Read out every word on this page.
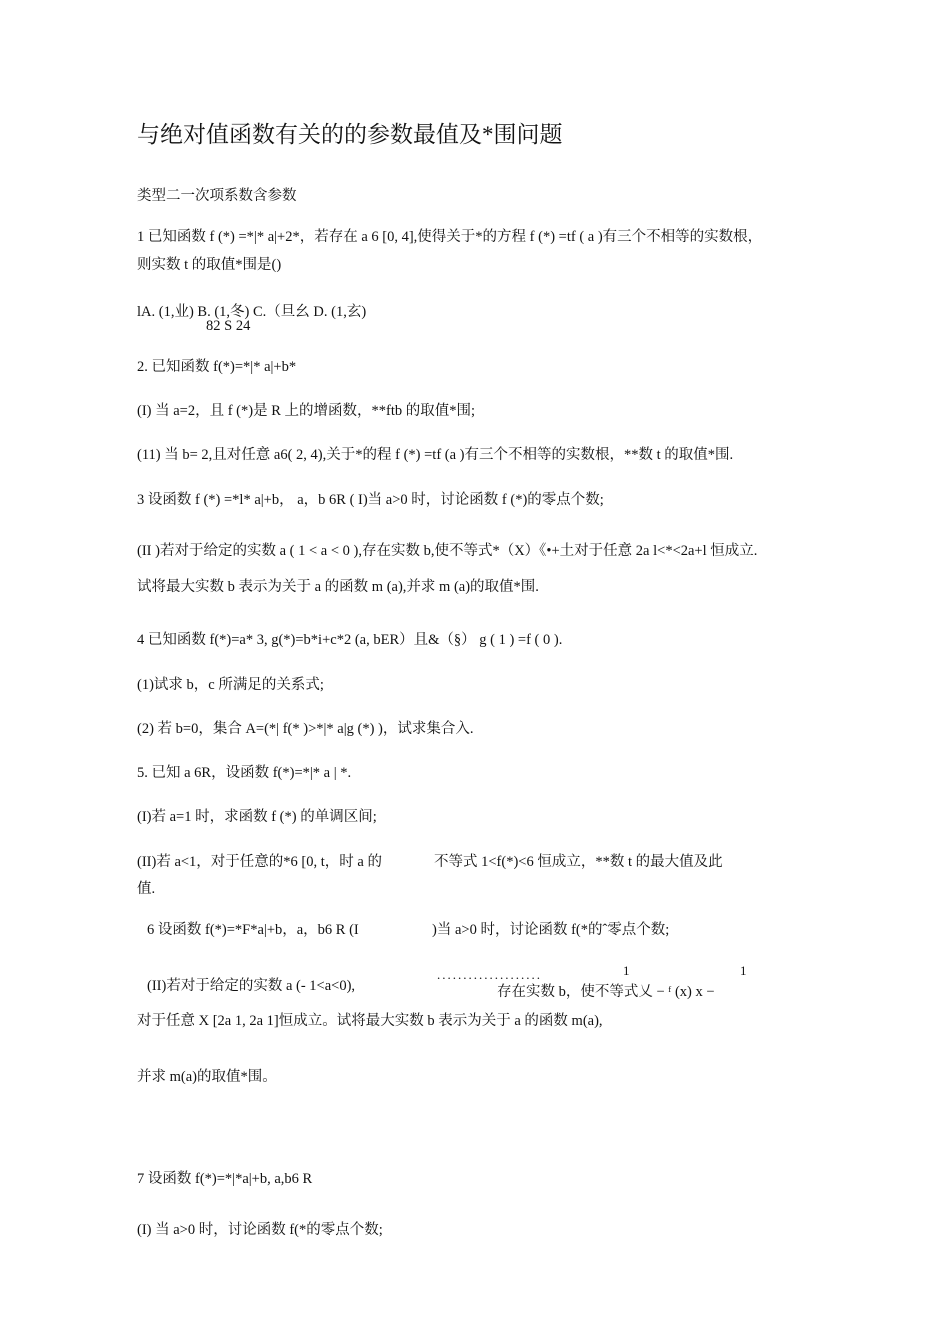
与绝对值函数有关的的参数最值及*围问题
类型二一次项系数含参数
1 已知函数 f (*) =*|* a|+2*，若存在 a 6 [0, 4],使得关于*的方程 f (*) =tf ( a )有三个不相等的实数根，
则实数 t 的取值*围是()
lA. (1,业) B. (1,冬) C.（旦幺 D. (1,玄)
82 S 24
2. 已知函数 f(*)=*|* a|+b*
(I) 当 a=2，且 f (*)是 R 上的增函数，**ftb 的取值*围;
(11) 当 b= 2,且对任意 a6( 2, 4),关于*的程 f (*) =tf (a )有三个不相等的实数根，**数 t 的取值*围.
3 设函数 f (*) =*l* a|+b， a，b 6R ( I)当 a>0 时，讨论函数 f (*)的零点个数;
(II )若对于给定的实数 a ( 1 < a < 0 ),存在实数 b,使不等式*（X）《•+土对于任意 2a l<*<2a+l 恒成立.
试将最大实数 b 表示为关于 a 的函数 m (a),并求 m (a)的取值*围.
4 已知函数 f(*)=a* 3, g(*)=b*i+c*2 (a, bER）且&（§） g ( 1 ) =f ( 0 ).
(1)试求 b，c 所满足的关系式;
(2) 若 b=0，集合 A=(*| f(* )>*|* a|g (*) )，试求集合入.
5. 已知 a 6R，设函数 f(*)=*|* a | *.
(I)若 a=1 时，求函数 f (*) 的单调区间;
(II)若 a<1，对于任意的*6 [0, t，时 a 的	不等式 1<f(*)<6 恒成立，**数 t 的最大值及此
值.
6 设函数 f(*)=*F*a|+b，a，b6 R (I	)当 a>0 时，讨论函数 f(*的ˆ零点个数;
(II)若对于给定的实数 a (- 1<a<0),
....................	1	1
存在实数 b，使不等式乂 − ᶠ (x) x −
对于任意 X [2a 1, 2a 1]恒成立。试将最大实数 b 表示为关于 a 的函数 m(a),
并求 m(a)的取值*围。
7 设函数 f(*)=*|*a|+b, a,b6 R
(I) 当 a>0 时，讨论函数 f(*的零点个数;
